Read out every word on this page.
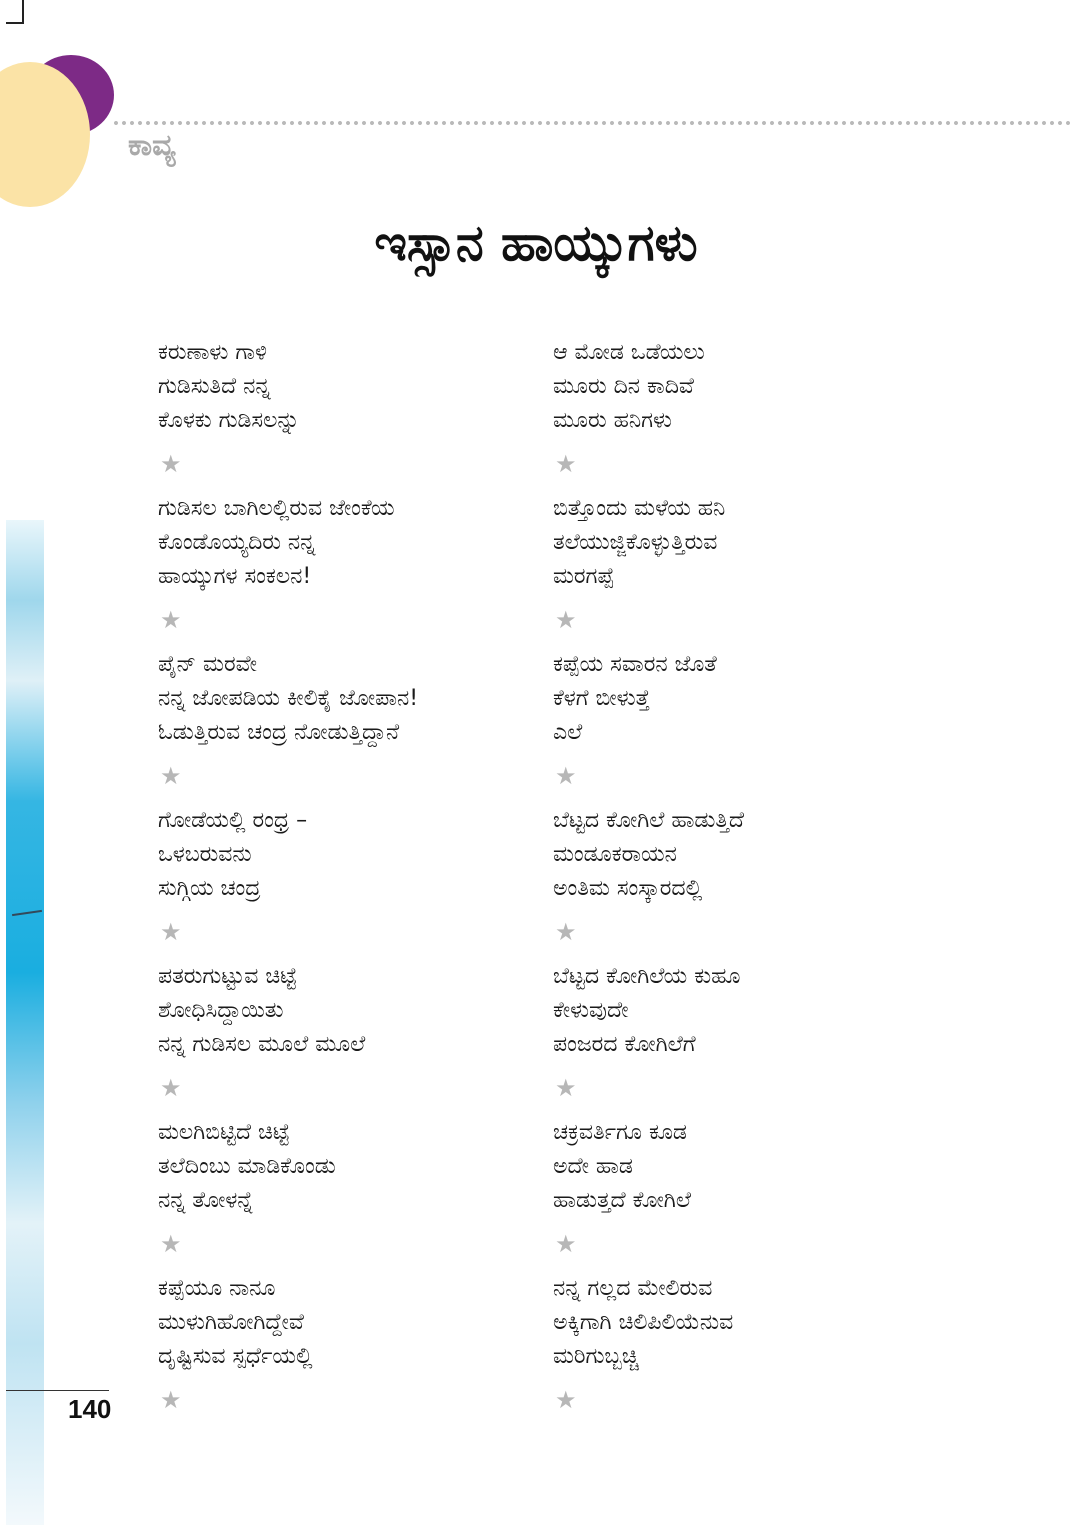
ಕಾವ್ಯ
ಇಸ್ಸಾನ ಹಾಯ್ಕುಗಳು
ಕರುಣಾಳು ಗಾಳಿ
ಗುಡಿಸುತಿದೆ ನನ್ನ
ಕೊಳಕು ಗುಡಿಸಲನ್ನು
★
ಗುಡಿಸಲ ಬಾಗಿಲಲ್ಲಿರುವ ಜೇಂಕೆಯ
ಕೊಂಡೊಯ್ಯದಿರು ನನ್ನ
ಹಾಯ್ಕುಗಳ ಸಂಕಲನ!
★
ಪೈನ್ ಮರವೇ
ನನ್ನ ಜೋಪಡಿಯ ಕೀಲಿಕೈ ಜೋಪಾನ!
ಓಡುತ್ತಿರುವ ಚಂದ್ರ ನೋಡುತ್ತಿದ್ದಾನೆ
★
ಗೋಡೆಯಲ್ಲಿ ರಂಧ್ರ –
ಒಳಬರುವನು
ಸುಗ್ಗಿಯ ಚಂದ್ರ
★
ಪತರುಗುಟ್ಟುವ ಚಿಟ್ಟೆ
ಶೋಧಿಸಿದ್ದಾಯಿತು
ನನ್ನ ಗುಡಿಸಲ ಮೂಲೆ ಮೂಲೆ
★
ಮಲಗಿಬಿಟ್ಟಿದೆ ಚಿಟ್ಟೆ
ತಲೆದಿಂಬು ಮಾಡಿಕೊಂಡು
ನನ್ನ ತೋಳನ್ನೆ
★
ಕಪ್ಪೆಯೂ ನಾನೂ
ಮುಳುಗಿಹೋಗಿದ್ದೇವೆ
ದೃಷ್ಟಿಸುವ ಸ್ಪರ್ಧೆಯಲ್ಲಿ
★
ಆ ಮೋಡ ಒಡೆಯಲು
ಮೂರು ದಿನ ಕಾದಿವೆ
ಮೂರು ಹನಿಗಳು
★
ಬಿತ್ತೊಂದು ಮಳೆಯ ಹನಿ
ತಲೆಯುಜ್ಜಿಕೊಳ್ಳುತ್ತಿರುವ
ಮರಗಪ್ಪೆ
★
ಕಪ್ಪೆಯ ಸವಾರನ ಜೊತೆ
ಕೆಳಗೆ ಬೀಳುತ್ತೆ
ಎಲೆ
★
ಬೆಟ್ಟದ ಕೋಗಿಲೆ ಹಾಡುತ್ತಿದೆ
ಮಂಡೂಕರಾಯನ
ಅಂತಿಮ ಸಂಸ್ಕಾರದಲ್ಲಿ
★
ಬೆಟ್ಟದ ಕೋಗಿಲೆಯ ಕುಹೂ
ಕೇಳುವುದೇ
ಪಂಜರದ ಕೋಗಿಲೆಗೆ
★
ಚಕ್ರವರ್ತಿಗೂ ಕೂಡ
ಅದೇ ಹಾಡ
ಹಾಡುತ್ತದೆ ಕೋಗಿಲೆ
★
ನನ್ನ ಗಲ್ಲದ ಮೇಲಿರುವ
ಅಕ್ಕಿಗಾಗಿ ಚಿಲಿಪಿಲಿಯೆನುವ
ಮರಿಗುಬ್ಬಚ್ಚಿ
★
140
